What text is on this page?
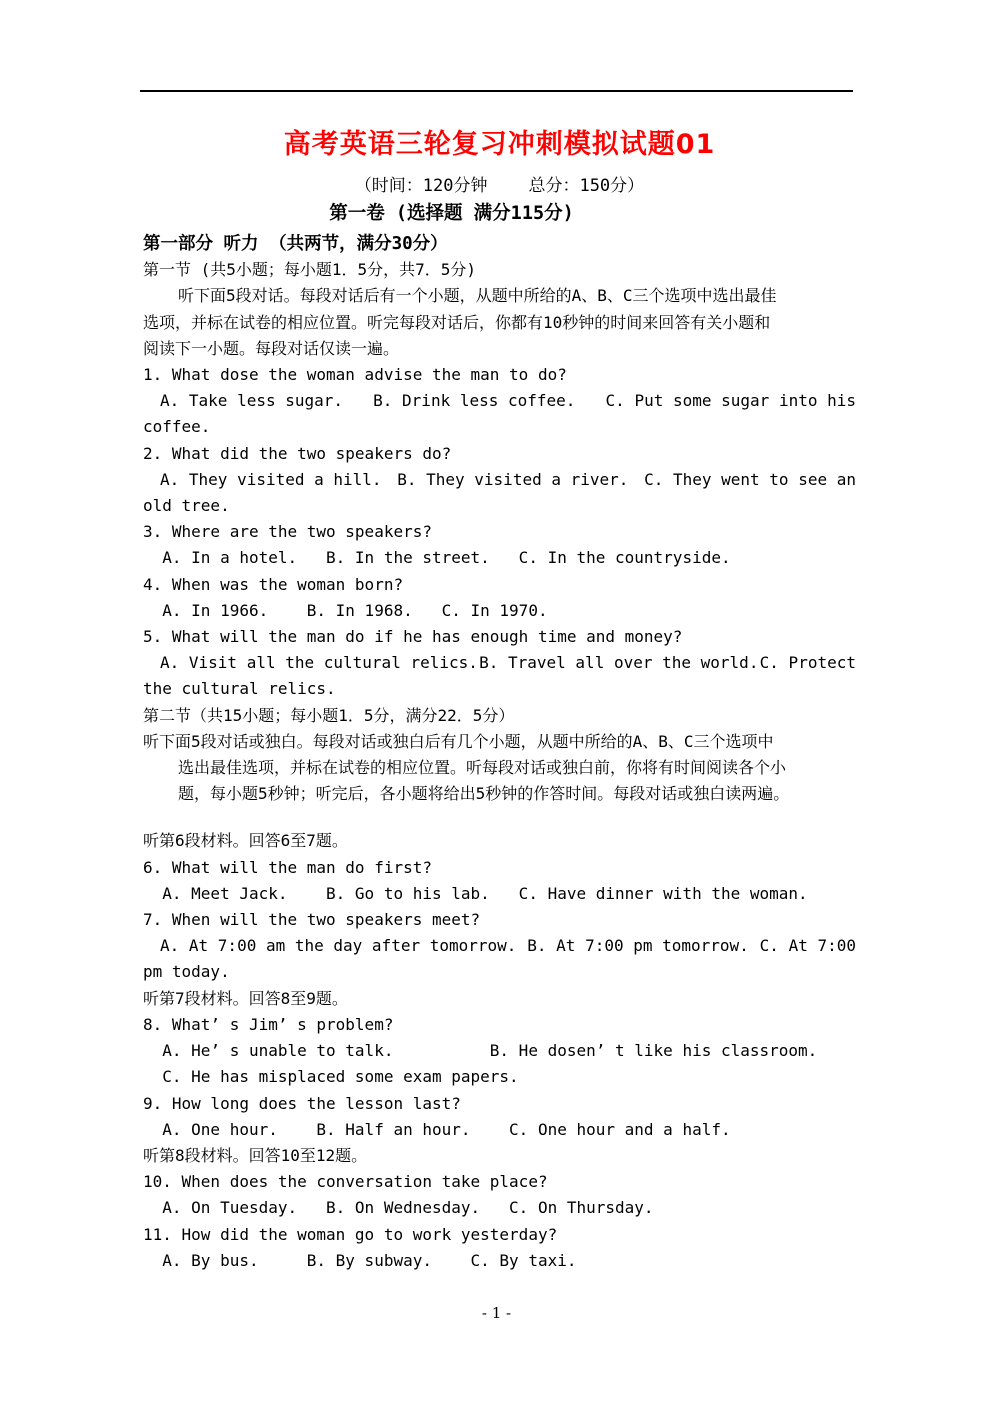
高考英语三轮复习冲刺模拟试题01
（时间：120分钟    总分：150分）
第一卷 (选择题 满分115分)
第一部分 听力 （共两节，满分30分）
第一节 (共5小题；每小题1．5分，共7．5分)
听下面5段对话。每段对话后有一个小题，从题中所给的A、B、C三个选项中选出最佳
选项，并标在试卷的相应位置。听完每段对话后，你都有10秒钟的时间来回答有关小题和
阅读下一小题。每段对话仅读一遍。
1. What dose the woman advise the man to do?
A. Take less sugar. B. Drink less coffee. C. Put some sugar into his
coffee.
2. What did the two speakers do?
A. They visited a hill. B. They visited a river. C. They went to see an
old tree.
3. Where are the two speakers?
A. In a hotel.   B. In the street.   C. In the countryside.
4. When was the woman born?
A. In 1966.    B. In 1968.   C. In 1970.
5. What will the man do if he has enough time and money?
A. Visit all the cultural relics. B. Travel all over the world. C. Protect
the cultural relics.
第二节（共15小题；每小题1．5分，满分22．5分）
听下面5段对话或独白。每段对话或独白后有几个小题，从题中所给的A、B、C三个选项中
选出最佳选项，并标在试卷的相应位置。听每段对话或独白前，你将有时间阅读各个小
题，每小题5秒钟；听完后，各小题将给出5秒钟的作答时间。每段对话或独白读两遍。
听第6段材料。回答6至7题。
6. What will the man do first?
A. Meet Jack.    B. Go to his lab.   C. Have dinner with the woman.
7. When will the two speakers meet?
A. At 7:00 am the day after tomorrow. B. At 7:00 pm tomorrow. C. At 7:00
pm today.
听第7段材料。回答8至9题。
8. What’ s Jim’ s problem?
A. He’ s unable to talk.          B. He dosen’ t like his classroom.
C. He has misplaced some exam papers.
9. How long does the lesson last?
A. One hour.    B. Half an hour.    C. One hour and a half.
听第8段材料。回答10至12题。
10. When does the conversation take place?
A. On Tuesday.   B. On Wednesday.   C. On Thursday.
11. How did the woman go to work yesterday?
A. By bus.     B. By subway.    C. By taxi.
- 1 -
